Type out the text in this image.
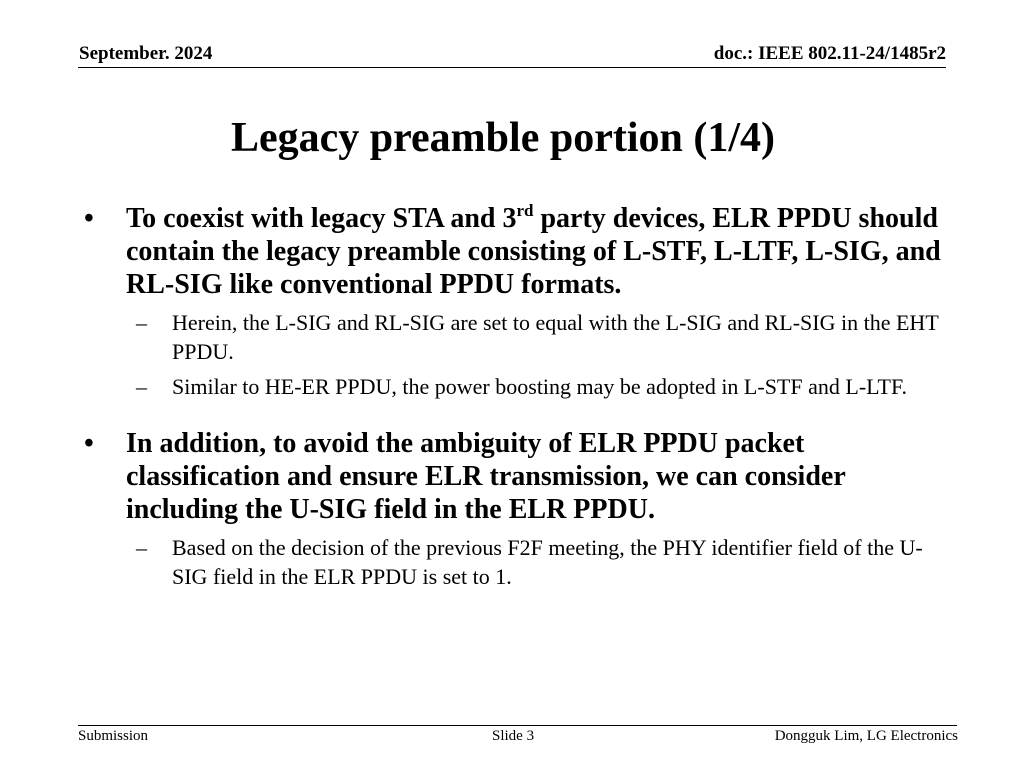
September. 2024	doc.: IEEE 802.11-24/1485r2
Legacy preamble portion (1/4)
• To coexist with legacy STA and 3rd party devices, ELR PPDU should contain the legacy preamble consisting of L-STF, L-LTF, L-SIG, and RL-SIG like conventional PPDU formats.
– Herein, the L-SIG and RL-SIG are set to equal with the L-SIG and RL-SIG in the EHT PPDU.
– Similar to HE-ER PPDU, the power boosting may be adopted in L-STF and L-LTF.
• In addition, to avoid the ambiguity of ELR PPDU packet classification and ensure ELR transmission, we can consider including the U-SIG field in the ELR PPDU.
– Based on the decision of the previous F2F meeting, the PHY identifier field of the U-SIG field in the ELR PPDU is set to 1.
Submission	Slide 3	Dongguk Lim, LG Electronics
